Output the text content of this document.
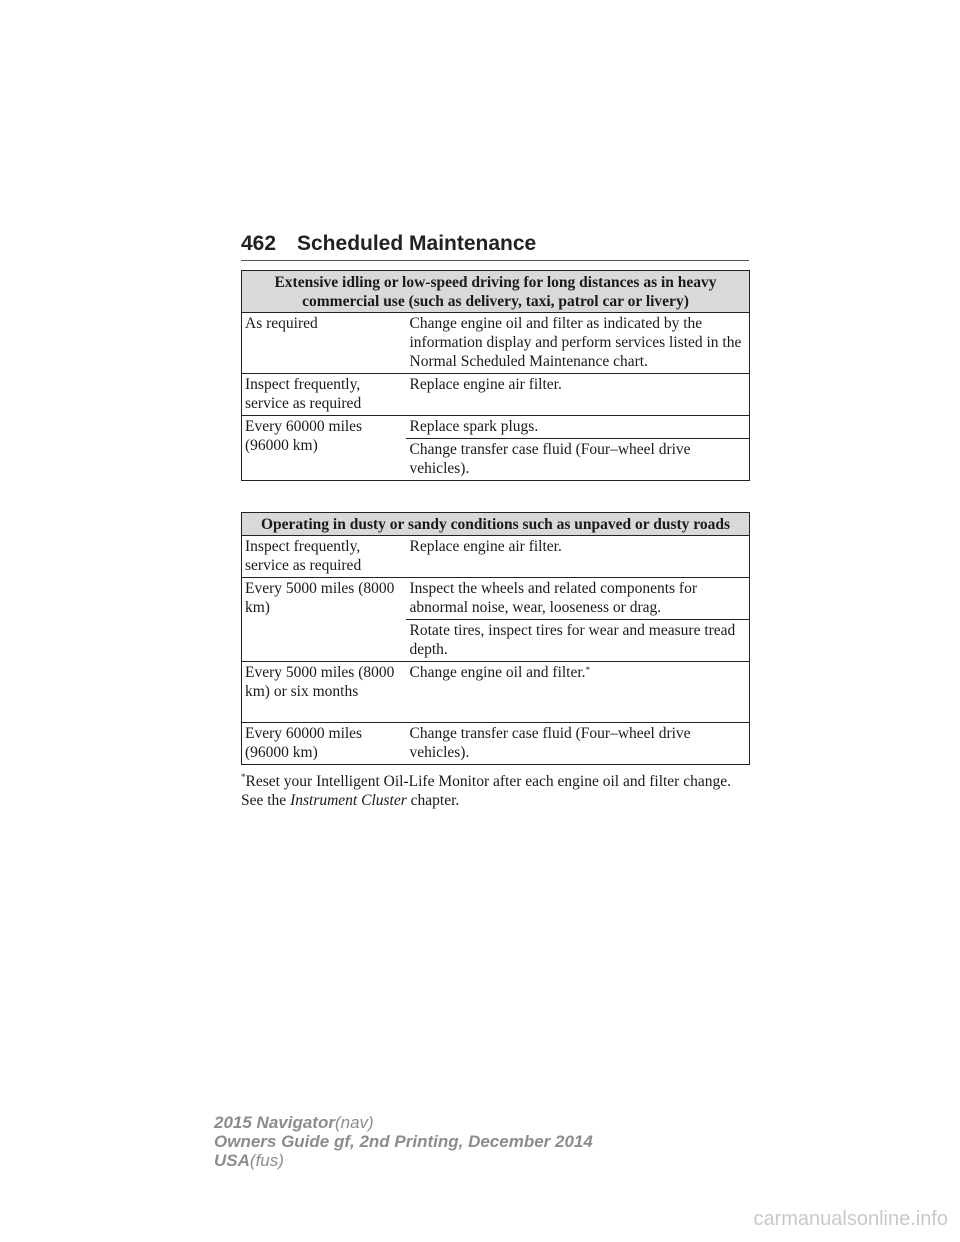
462 Scheduled Maintenance
Extensive idling or low-speed driving for long distances as in heavy commercial use (such as delivery, taxi, patrol car or livery)	
As required	Change engine oil and filter as indicated by the information display and perform services listed in the Normal Scheduled Maintenance chart.
Inspect frequently, service as required	Replace engine air filter.
Every 60000 miles (96000 km)	Replace spark plugs.
	Change transfer case fluid (Four–wheel drive vehicles).
Operating in dusty or sandy conditions such as unpaved or dusty roads	
Inspect frequently, service as required	Replace engine air filter.
Every 5000 miles (8000 km)	Inspect the wheels and related components for abnormal noise, wear, looseness or drag.
	Rotate tires, inspect tires for wear and measure tread depth.
Every 5000 miles (8000 km) or six months	Change engine oil and filter.*
Every 60000 miles (96000 km)	Change transfer case fluid (Four–wheel drive vehicles).
*Reset your Intelligent Oil-Life Monitor after each engine oil and filter change. See the Instrument Cluster chapter.
2015 Navigator(nav)
Owners Guide gf, 2nd Printing, December 2014
USA(fus)
carmanualsonline.info
